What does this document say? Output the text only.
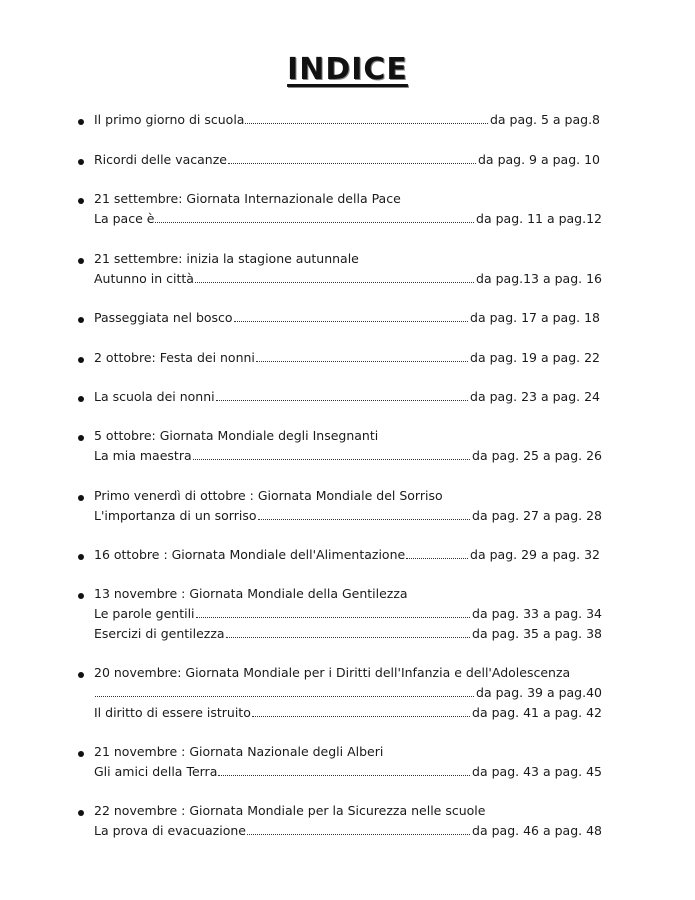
INDICE
Il primo giorno di scuola	da pag. 5 a pag.8
Ricordi delle vacanze	da pag. 9 a pag. 10
21 settembre: Giornata Internazionale della Pace
La pace è	da pag. 11 a pag.12
21 settembre: inizia la stagione autunnale
Autunno in città	da pag.13 a pag. 16
Passeggiata nel bosco	da pag. 17 a pag. 18
2 ottobre: Festa dei nonni	da pag. 19 a pag. 22
La scuola dei nonni	da pag. 23 a pag. 24
5 ottobre: Giornata Mondiale degli Insegnanti
La mia maestra	da pag. 25 a pag. 26
Primo venerdì di ottobre : Giornata Mondiale del Sorriso
L'importanza di un sorriso	da pag. 27 a pag. 28
16 ottobre : Giornata Mondiale dell'Alimentazione	da pag. 29 a pag. 32
13 novembre : Giornata Mondiale della Gentilezza
Le parole gentili	da pag. 33 a pag. 34
Esercizi di gentilezza	da pag. 35 a pag. 38
20 novembre: Giornata Mondiale per i Diritti dell'Infanzia e dell'Adolescenza
da pag. 39 a pag.40
Il diritto di essere istruito	da pag. 41 a pag. 42
21 novembre : Giornata Nazionale degli Alberi
Gli amici della Terra	da pag. 43 a pag. 45
22 novembre : Giornata Mondiale per la Sicurezza nelle scuole
La prova di evacuazione	da pag. 46 a pag. 48
